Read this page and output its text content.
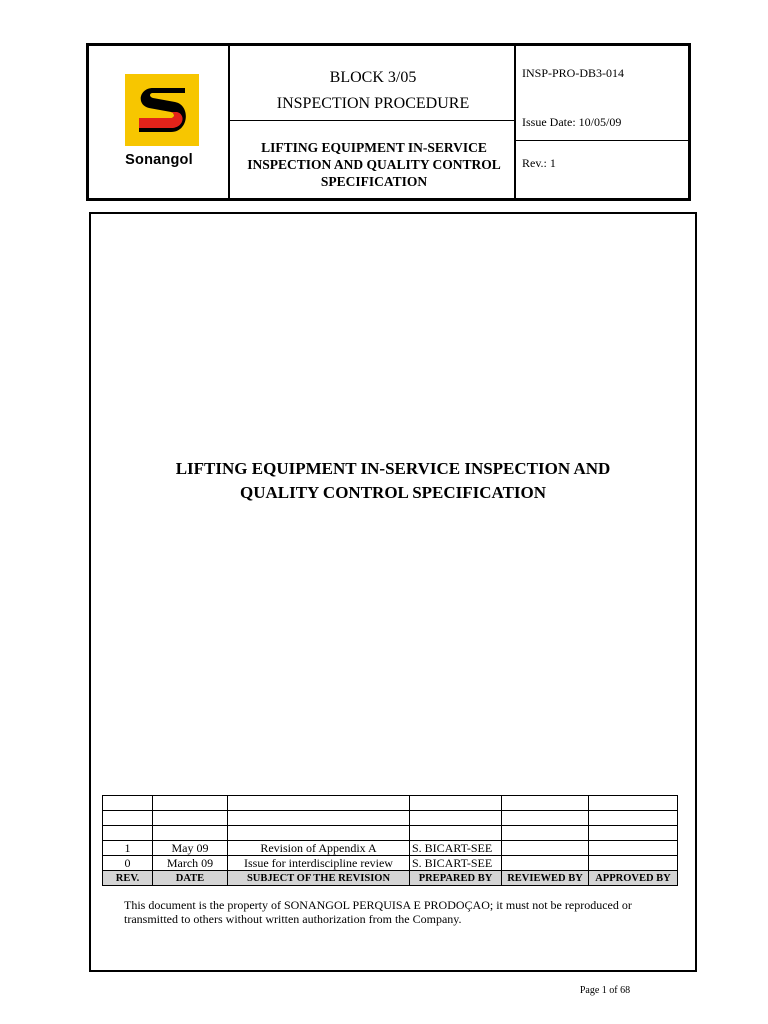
Sonangol
BLOCK 3/05
INSPECTION PROCEDURE
LIFTING EQUIPMENT IN-SERVICE
INSPECTION AND QUALITY CONTROL
SPECIFICATION
INSP-PRO-DB3-014
Issue Date: 10/05/09
Rev.: 1
LIFTING EQUIPMENT IN-SERVICE INSPECTION AND
QUALITY CONTROL SPECIFICATION

1	May 09	Revision of Appendix A	S. BICART-SEE		
0	March 09	Issue for interdiscipline review	S. BICART-SEE		
REV.	DATE	SUBJECT OF THE REVISION	PREPARED BY	REVIEWED BY	APPROVED BY
This document is the property of SONANGOL PERQUISA E PRODOÇAO; it must not be reproduced or transmitted to others without written authorization from the Company.
Page 1 of 68
